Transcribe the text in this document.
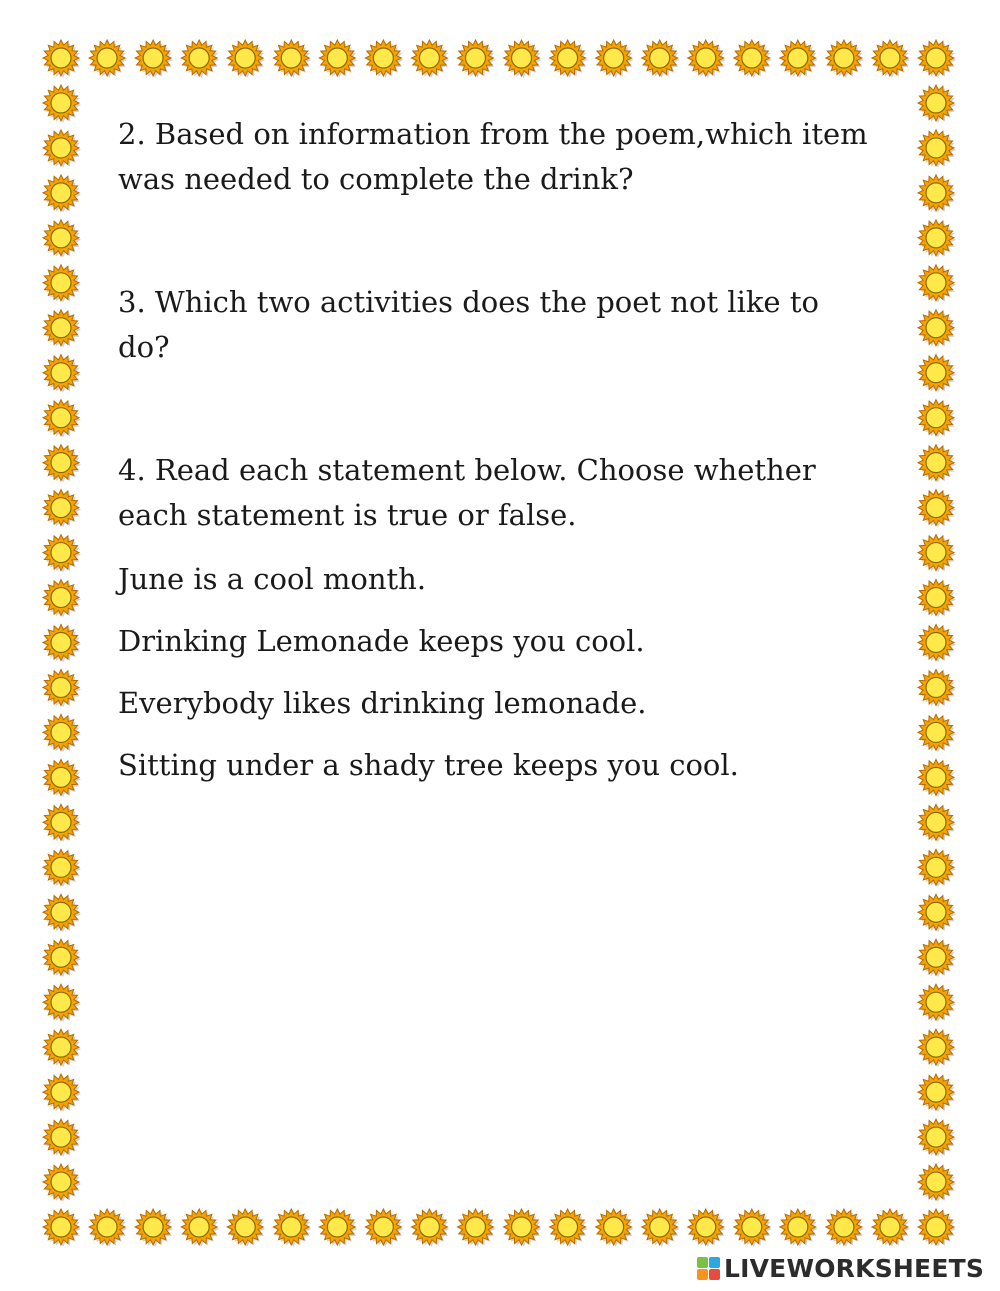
2. Based on information from the poem,which item was needed to complete the drink?

3. Which two activities does the poet not like to do?

4. Read each statement below. Choose whether each statement is true or false.

June is a cool month.

Drinking Lemonade keeps you cool.

Everybody likes drinking lemonade.

Sitting under a shady tree keeps you cool.

LIVEWORKSHEETS
